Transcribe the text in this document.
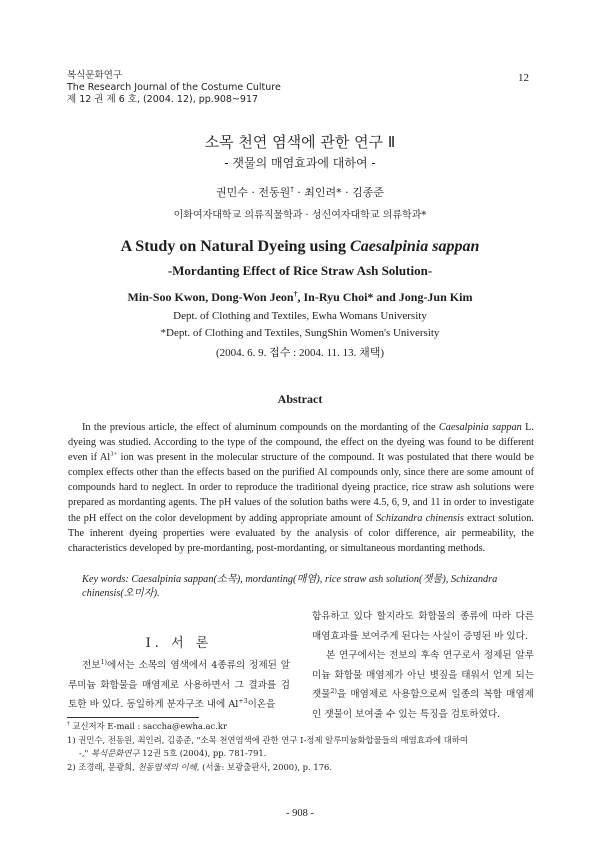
복식문화연구
The Research Journal of the Costume Culture
제 12 권 제 6 호, (2004. 12), pp.908~917
12
소목 천연 염색에 관한 연구 Ⅱ
- 잿물의 매염효과에 대하여 -
권민수 · 전동원† · 최인려* · 김종준
이화여자대학교 의류직물학과 · 성신여자대학교 의류학과*
A Study on Natural Dyeing using Caesalpinia sappan
-Mordanting Effect of Rice Straw Ash Solution-
Min-Soo Kwon, Dong-Won Jeon†, In-Ryu Choi* and Jong-Jun Kim
Dept. of Clothing and Textiles, Ewha Womans University
*Dept. of Clothing and Textiles, SungShin Women's University
(2004. 6. 9. 접수 : 2004. 11. 13. 채택)
Abstract
In the previous article, the effect of aluminum compounds on the mordanting of the Caesalpinia sappan L. dyeing was studied. According to the type of the compound, the effect on the dyeing was found to be different even if $Al^{3+}$ ion was present in the molecular structure of the compound. It was postulated that there would be complex effects other than the effects based on the purified Al compounds only, since there are some amount of compounds hard to neglect. In order to reproduce the traditional dyeing practice, rice straw ash solutions were prepared as mordanting agents. The pH values of the solution baths were 4.5, 6, 9, and 11 in order to investigate the pH effect on the color development by adding appropriate amount of Schizandra chinensis extract solution. The inherent dyeing properties were evaluated by the analysis of color difference, air permeability, the characteristics developed by pre-mordanting, post-mordanting, or simultaneous mordanting methods.
Key words: Caesalpinia sappan(소목), mordanting(매염), rice straw ash solution(잿물), Schizandra chinensis(오미자).
Ⅰ. 서 론
전보$^{1)}$에서는 소목의 염색에서 4종류의 정제된 알루미늄 화합물을 매염제로 사용하면서 그 결과를 검토한 바 있다. 동일하게 분자구조 내에 $Al^{+3}$이온을
함유하고 있다 할지라도 화합물의 종류에 따라 다른 매염효과를 보여주게 된다는 사실이 증명된 바 있다.
본 연구에서는 전보의 후속 연구로서 정제된 알루미늄 화합물 매염제가 아닌 볏짚을 태워서 얻게 되는 잿물$^{2)}$을 매염제로 사용함으로써 일종의 복합 매염제인 잿물이 보여줄 수 있는 특징을 검토하였다.
† 교신저자 E-mail : saccha@ewha.ac.kr
1) 권민수, 전동원, 최인려, 김종준, "소목 천연염색에 관한 연구 Ⅰ-정제 알루미늄화합물들의 매염효과에 대하여
-," 복식문화연구 12권 5호 (2004), pp. 781-791.
2) 조경래, 문광희, 천동염색의 이해, (서울: 보광출판사, 2000), p. 176.
- 908 -
